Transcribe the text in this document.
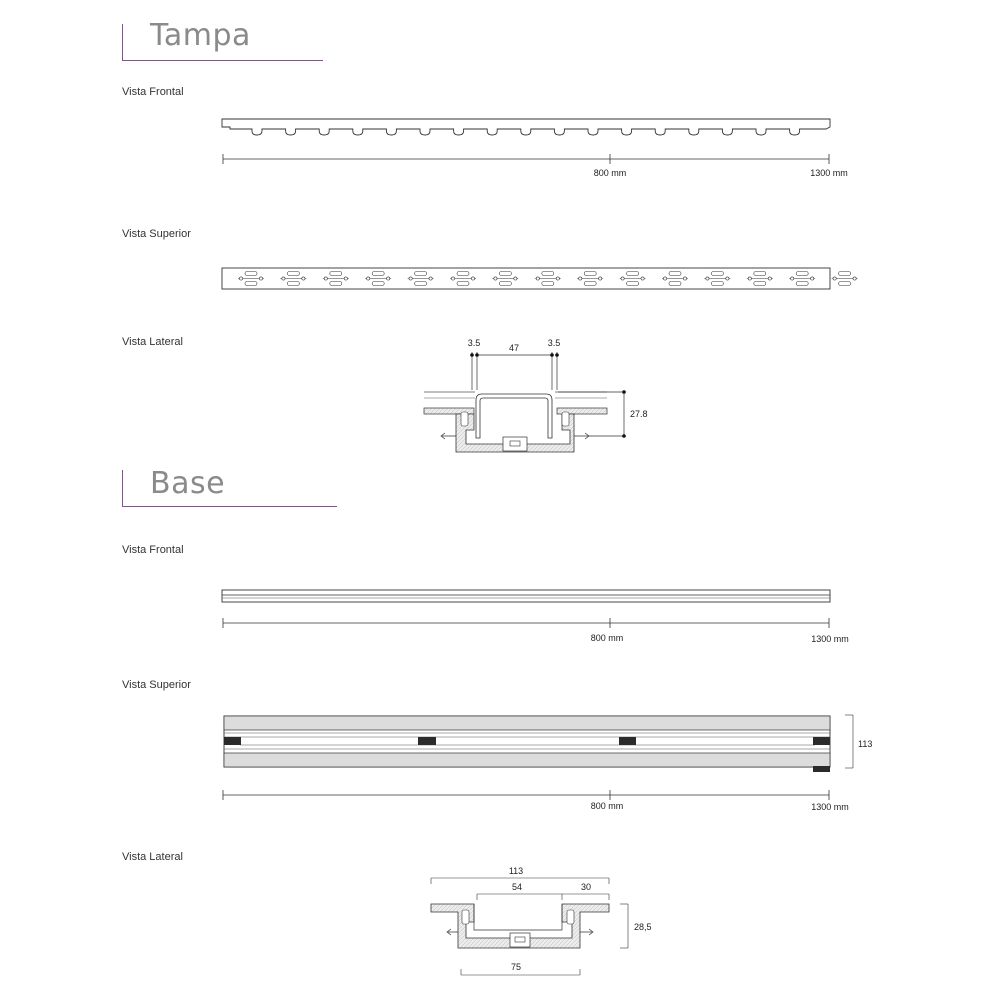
Tampa
Base
Vista Frontal
Vista Superior
Vista Lateral
Vista Frontal
Vista Superior
Vista Lateral
800 mm	1300 mm
3.5	47	3.5
27.8
800 mm	1300 mm
800 mm	1300 mm
113
113
54	30
28,5
75
